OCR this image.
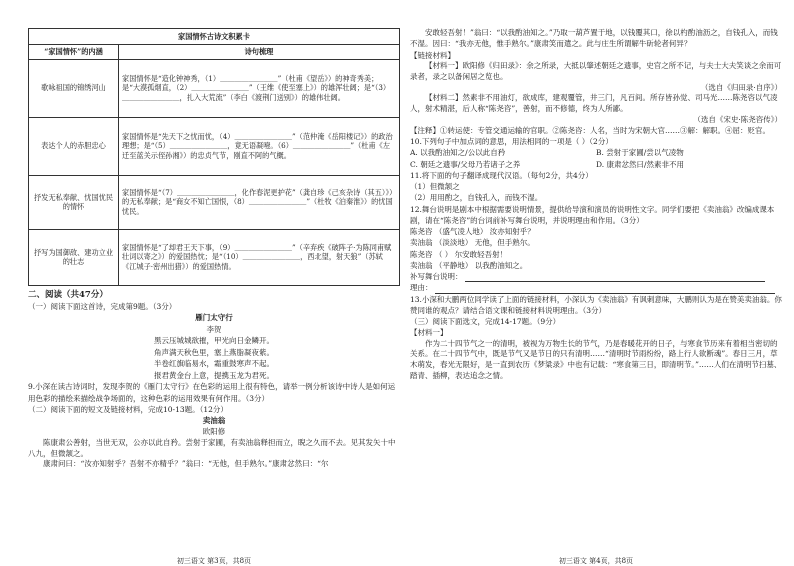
家国情怀古诗文积累卡	
“家国情怀”的内涵	诗句梳理
歌咏祖国的锦绣河山	家国情怀是“造化钟神秀，（1）＿＿＿＿＿＿＿＿”（杜甫《望岳》）的神奇秀美；是“大漠孤烟直，（2）＿＿＿＿＿＿＿＿”（王维《使至塞上》）的雄浑壮阔；是“（3）＿＿＿＿＿＿＿＿，扎入大荒流”（李白《渡荆门送别》）的雄伟壮阔。
表达个人的赤胆忠心	家国情怀是“先天下之忧而忧，（4）＿＿＿＿＿＿＿＿”（范仲淹《岳阳楼记》）的政治理想；是“（5）＿＿＿＿＿＿＿＿，竟无语凝噎。（6）＿＿＿＿＿＿＿＿”（杜甫《左迁至蓝关示侄孙湘》）的忠贞气节，刚直不阿的气概。
抒发无私奉献、忧国忧民的情怀	家国情怀是“（7）＿＿＿＿＿＿＿＿，化作春泥更护花”（龚自珍《己亥杂诗（其五）》）的无私奉献；是“商女不知亡国恨，（8）＿＿＿＿＿＿＿＿”（杜牧《泊秦淮》）的忧国忧民。
抒写为国御敌、建功立业的壮志	家国情怀是“了却君王天下事，（9）＿＿＿＿＿＿＿＿”（辛弃疾《破阵子·为陈同甫赋壮词以寄之》）的爱国热忱；是“（10）＿＿＿＿＿＿＿＿，西北望，射天狼”（苏轼《江城子·密州出猎》）的爱国热情。
二、阅读（共47分）
（一）阅读下面这首诗，完成第9题。（3分）
雁门太守行
李贺
黑云压城城欲摧，甲光向日金鳞开。
角声满天秋色里，塞上燕脂凝夜紫。
半卷红旗临易水，霜重鼓寒声不起。
报君黄金台上意，提携玉龙为君死。
9.小深在读古诗词时，发现李贺的《雁门太守行》在色彩的运用上很有特色，请举一例分析该诗中诗人是如何运用色彩的描绘来描绘战争场面的，这种色彩的运用效果有何作用。（3分）
（二）阅读下面的短文及链接材料，完成10-13题。（12分）
卖油翁
欧阳修
陈康肃公善射，当世无双，公亦以此自矜。尝射于家圃，有卖油翁释担而立，睨之久而不去。见其发矢十中八九，但微颔之。
康肃问曰：“汝亦知射乎？吾射不亦精乎？”翁曰：“无他，但手熟尔。”康肃忿然曰：“尔
初三语文 第3页，共8页
安敢轻吾射！”翁曰：“以我酌油知之。”乃取一葫芦置于地，以钱覆其口，徐以杓酌油沥之，自钱孔入，而钱不湿。因曰：“我亦无他，惟手熟尔。”康肃笑而遣之。此与庄生所谓解牛斫轮者何异？
【链接材料】
【材料一】欧阳修《归田录》：余之所录，大抵以肇述朝廷之遗事，史官之所不记，与夫士大夫笑谈之余而可录者，录之以备闲居之览也。
（选自《归田录·自序》）
【材料二】然素非不用油灯，欲成库，建观覆管，井三门，凡百间。所存皆孙觉、司马光……陈尧咨以气凌人，射术精湛，后人称“陈尧咨”，善射，而不修德，终为人所鄙。
（选自《宋史·陈尧咨传》）
【注释】①转运使：专管交通运输的官职。②陈尧咨：人名，当时为宋朝大官……③解：解职。④屈：贬官。
10.下列句子中加点词的意思，用法相同的一项是（ ）（2分）
A. 以我酌油知之/公以此自矜	B. 尝射于家圃/尝以气凌物
C. 朝廷之遗事/父母乃若诸子之养	D. 康肃忿然曰/然素非不用
11.将下面的句子翻译成现代汉语。（每句2分，共4分）
（1）但微颔之
（2）用用酌之，自钱孔入，而钱不湿。
12.舞台说明是剧本中根据需要说明情景，提供给导演和演员的说明性文字。同学们要把《卖油翁》改编成课本剧，请在“陈尧咨”的台词前补写舞台说明，并说明理由和作用。（3分）
陈尧咨 （盛气凌人地） 汝亦知射乎？
卖油翁 （淡淡地） 无他，但手熟尔。
陈尧咨 （ ） 尔安敢轻吾射！
卖油翁 （平静地） 以我酌油知之。
补写舞台说明：
理由：
13.小深和大鹏两位同学读了上面的链接材料，小深认为《卖油翁》有讽刺意味，大鹏则认为是在赞美卖油翁。你赞同谁的观点？请结合语文课和链接材料说明理由。（3分）
（三）阅读下面选文，完成14-17题。（9分）
【材料一】
作为二十四节气之一的清明，被视为万物生长的节气，乃是春暖花开的日子，与寒食节历来有着相当密切的关系。在二十四节气中，既是节气又是节日的只有清明……“清明时节雨纷纷，路上行人欲断魂”。春日三月，草木萌发，春光无限好，是一直到农历《梦粱录》中也有记载：“寒食第三日，即清明节。”……人们在清明节扫墓、踏青、插柳，表达追念之情。
初三语文 第4页，共8页
